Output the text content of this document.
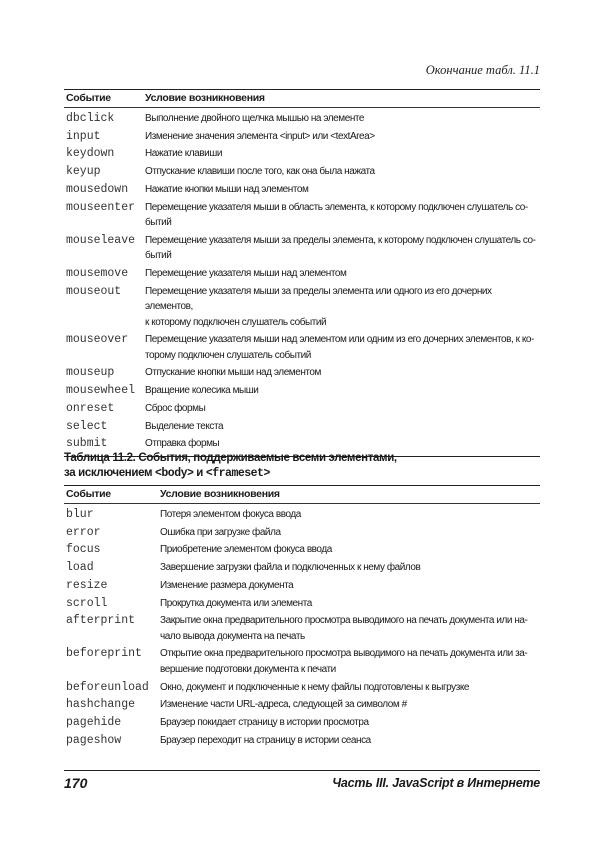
Окончание табл. 11.1
Событие	Условие возникновения
dbclick	Выполнение двойного щелчка мышью на элементе
input	Изменение значения элемента <input> или <textArea>
keydown	Нажатие клавиши
keyup	Отпускание клавиши после того, как она была нажата
mousedown	Нажатие кнопки мыши над элементом
mouseenter Перемещение указателя мыши в область элемента, к которому подключен слушатель со-
бытий
mouseleave Перемещение указателя мыши за пределы элемента, к которому подключен слушатель со-
бытий
mousemove	Перемещение указателя мыши над элементом
mouseout	Перемещение указателя мыши за пределы элемента или одного из его дочерних элементов,
к которому подключен слушатель событий
mouseover	Перемещение указателя мыши над элементом или одним из его дочерних элементов, к ко-
торому подключен слушатель событий
mouseup	Отпускание кнопки мыши над элементом
mousewheel Вращение колесика мыши
onreset	Сброс формы
select	Выделение текста
submit	Отправка формы
Таблица 11.2. События, поддерживаемые всеми элементами,
за исключением <body> и <frameset>
Событие	Условие возникновения
blur	Потеря элементом фокуса ввода
error	Ошибка при загрузке файла
focus	Приобретение элементом фокуса ввода
load	Завершение загрузки файла и подключенных к нему файлов
resize	Изменение размера документа
scroll	Прокрутка документа или элемента
afterprint	Закрытие окна предварительного просмотра выводимого на печать документа или на-
чало вывода документа на печать
beforeprint	Открытие окна предварительного просмотра выводимого на печать документа или за-
вершение подготовки документа к печати
beforeunload	Окно, документ и подключенные к нему файлы подготовлены к выгрузке
hashchange	Изменение части URL-адреса, следующей за символом #
pagehide	Браузер покидает страницу в истории просмотра
pageshow	Браузер переходит на страницу в истории сеанса
170	Часть III. JavaScript в Интернете
